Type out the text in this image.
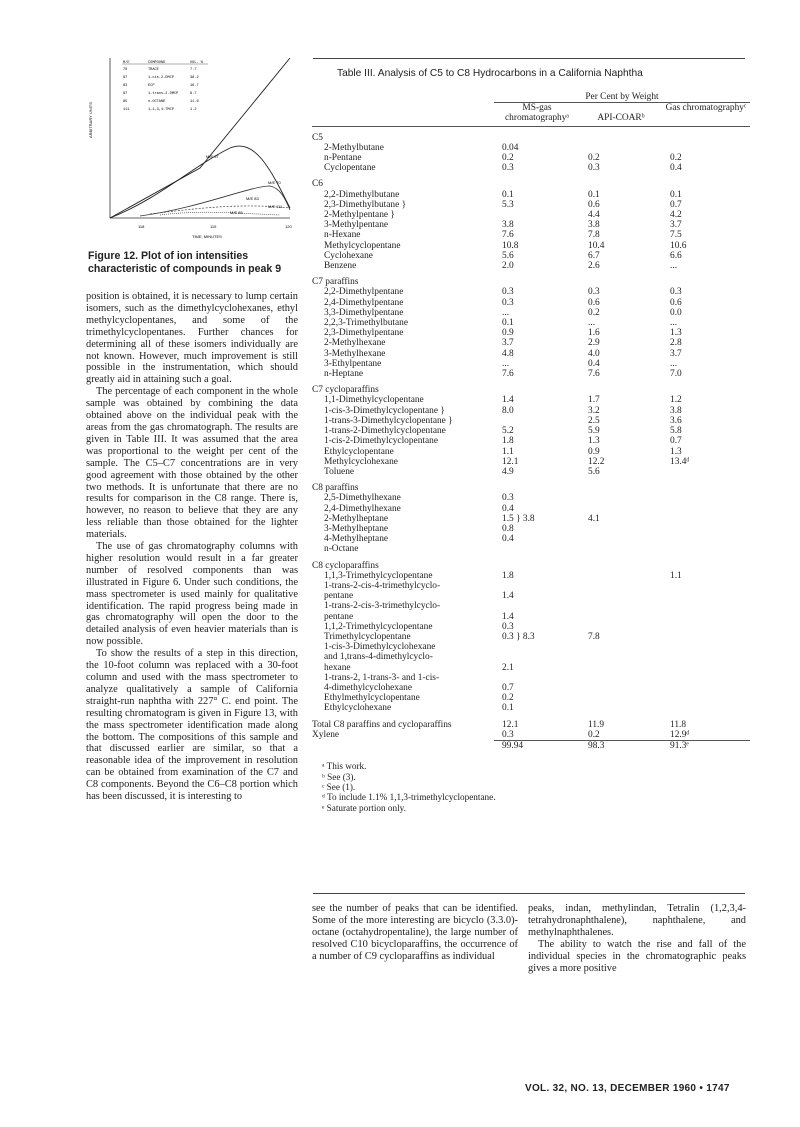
ARBITRARY UNITS
TIME, MINUTES
118	119	120
M/E 97
M/E 70
M/E 83
M/E 111
M/E 85
M/E	COMPOUND	VOL. %
70	TRACE	7.7
97	1-cis-2-DMCP	38.2
83	ECP	16.7
97	1-trans-2-DMCP	8.7
85	n-OCTANE	11.6
111	1,1,3,4-TMCP	1.2
Figure 12. Plot of ion intensities characteristic of compounds in peak 9

position is obtained, it is necessary to lump certain isomers, such as the dimethylcyclohexanes, ethyl methylcyclopentanes, and some of the trimethylcyclopentanes. Further chances for determining all of these isomers individually are not known. However, much improvement is still possible in the instrumentation, which should greatly aid in attaining such a goal.

The percentage of each component in the whole sample was obtained by combining the data obtained above on the individual peak with the areas from the gas chromatograph. The results are given in Table III. It was assumed that the area was proportional to the weight per cent of the sample. The C5–C7 concentrations are in very good agreement with those obtained by the other two methods. It is unfortunate that there are no results for comparison in the C8 range. There is, however, no reason to believe that they are any less reliable than those obtained for the lighter materials.

The use of gas chromatography columns with higher resolution would result in a far greater number of resolved components than was illustrated in Figure 6. Under such conditions, the mass spectrometer is used mainly for qualitative identification. The rapid progress being made in gas chromatography will open the door to the detailed analysis of even heavier materials than is now possible.

To show the results of a step in this direction, the 10-foot column was replaced with a 30-foot column and used with the mass spectrometer to analyze qualitatively a sample of California straight-run naphtha with 227° C. end point. The resulting chromatogram is given in Figure 13, with the mass spectrometer identification made along the bottom. The compositions of this sample and that discussed earlier are similar, so that a reasonable idea of the improvement in resolution can be obtained from examination of the C7 and C8 components. Beyond the C6–C8 portion which has been discussed, it is interesting to

Table III. Analysis of C5 to C8 Hydrocarbons in a California Naphtha
	Per Cent by Weight		
	MS-gas chromatographyᵃ	API-COARᵇ	Gas chromatographyᶜ

C5			
2-Methylbutane	0.04		
n-Pentane	0.2	0.2	0.2
Cyclopentane	0.3	0.3	0.4
C6			
2,2-Dimethylbutane	0.1	0.1	0.1
2,3-Dimethylbutane }	5.3	0.6	0.7
2-Methylpentane }		4.4	4.2
3-Methylpentane	3.8	3.8	3.7
n-Hexane	7.6	7.8	7.5
Methylcyclopentane	10.8	10.4	10.6
Cyclohexane	5.6	6.7	6.6
Benzene	2.0	2.6	...
C7 paraffins			
2,2-Dimethylpentane	0.3	0.3	0.3
2,4-Dimethylpentane	0.3	0.6	0.6
3,3-Dimethylpentane	...	0.2	0.0
2,2,3-Trimethylbutane	0.1	...	...
2,3-Dimethylpentane	0.9	1.6	1.3
2-Methylhexane	3.7	2.9	2.8
3-Methylhexane	4.8	4.0	3.7
3-Ethylpentane	...	0.4	...
n-Heptane	7.6	7.6	7.0
C7 cycloparaffins			
1,1-Dimethylcyclopentane	1.4	1.7	1.2
1-cis-3-Dimethylcyclopentane }	8.0	3.2	3.8
1-trans-3-Dimethylcyclopentane }		2.5	3.6
1-trans-2-Dimethylcyclopentane	5.2	5.9	5.8
1-cis-2-Dimethylcyclopentane	1.8	1.3	0.7
Ethylcyclopentane	1.1	0.9	1.3
Methylcyclohexane	12.1	12.2	13.4ᵈ
Toluene	4.9	5.6	
C8 paraffins			
2,5-Dimethylhexane	0.3		
2,4-Dimethylhexane	0.4		
2-Methylheptane	1.5 } 3.8	4.1	
3-Methylheptane	0.8		
4-Methylheptane	0.4		
n-Octane			
C8 cycloparaffins			
1,1,3-Trimethylcyclopentane	1.8		1.1
1-trans-2-cis-4-trimethylcyclo-			
pentane	1.4		
1-trans-2-cis-3-trimethylcyclo-			
pentane	1.4		
1,1,2-Trimethylcyclopentane	0.3		
Trimethylcyclopentane	0.3 } 8.3	7.8	
1-cis-3-Dimethylcyclohexane			
and 1,trans-4-dimethylcyclo-			
hexane	2.1		
1-trans-2, 1-trans-3- and 1-cis-			
4-dimethylcyclohexane	0.7		
Ethylmethylcyclopentane	0.2		
Ethylcyclohexane	0.1		
Total C8 paraffins and cycloparaffins	12.1	11.9	11.8
Xylene	0.3	0.2	12.9ᵈ
	99.94	98.3	91.3ᵉ
ᵃ This work.
ᵇ See (3).
ᶜ See (1).
ᵈ To include 1.1% 1,1,3-trimethylcyclopentane.
ᵉ Saturate portion only.

see the number of peaks that can be identified. Some of the more interesting are bicyclo (3.3.0)-octane (octahydropentaline), the large number of resolved C10 bicycloparaffins, the occurrence of a number of C9 cycloparaffins as individual

peaks, indan, methylindan, Tetralin (1,2,3,4-tetrahydronaphthalene), naphthalene, and methylnaphthalenes.

The ability to watch the rise and fall of the individual species in the chromatographic peaks gives a more positive

VOL. 32, NO. 13, DECEMBER 1960 • 1747
